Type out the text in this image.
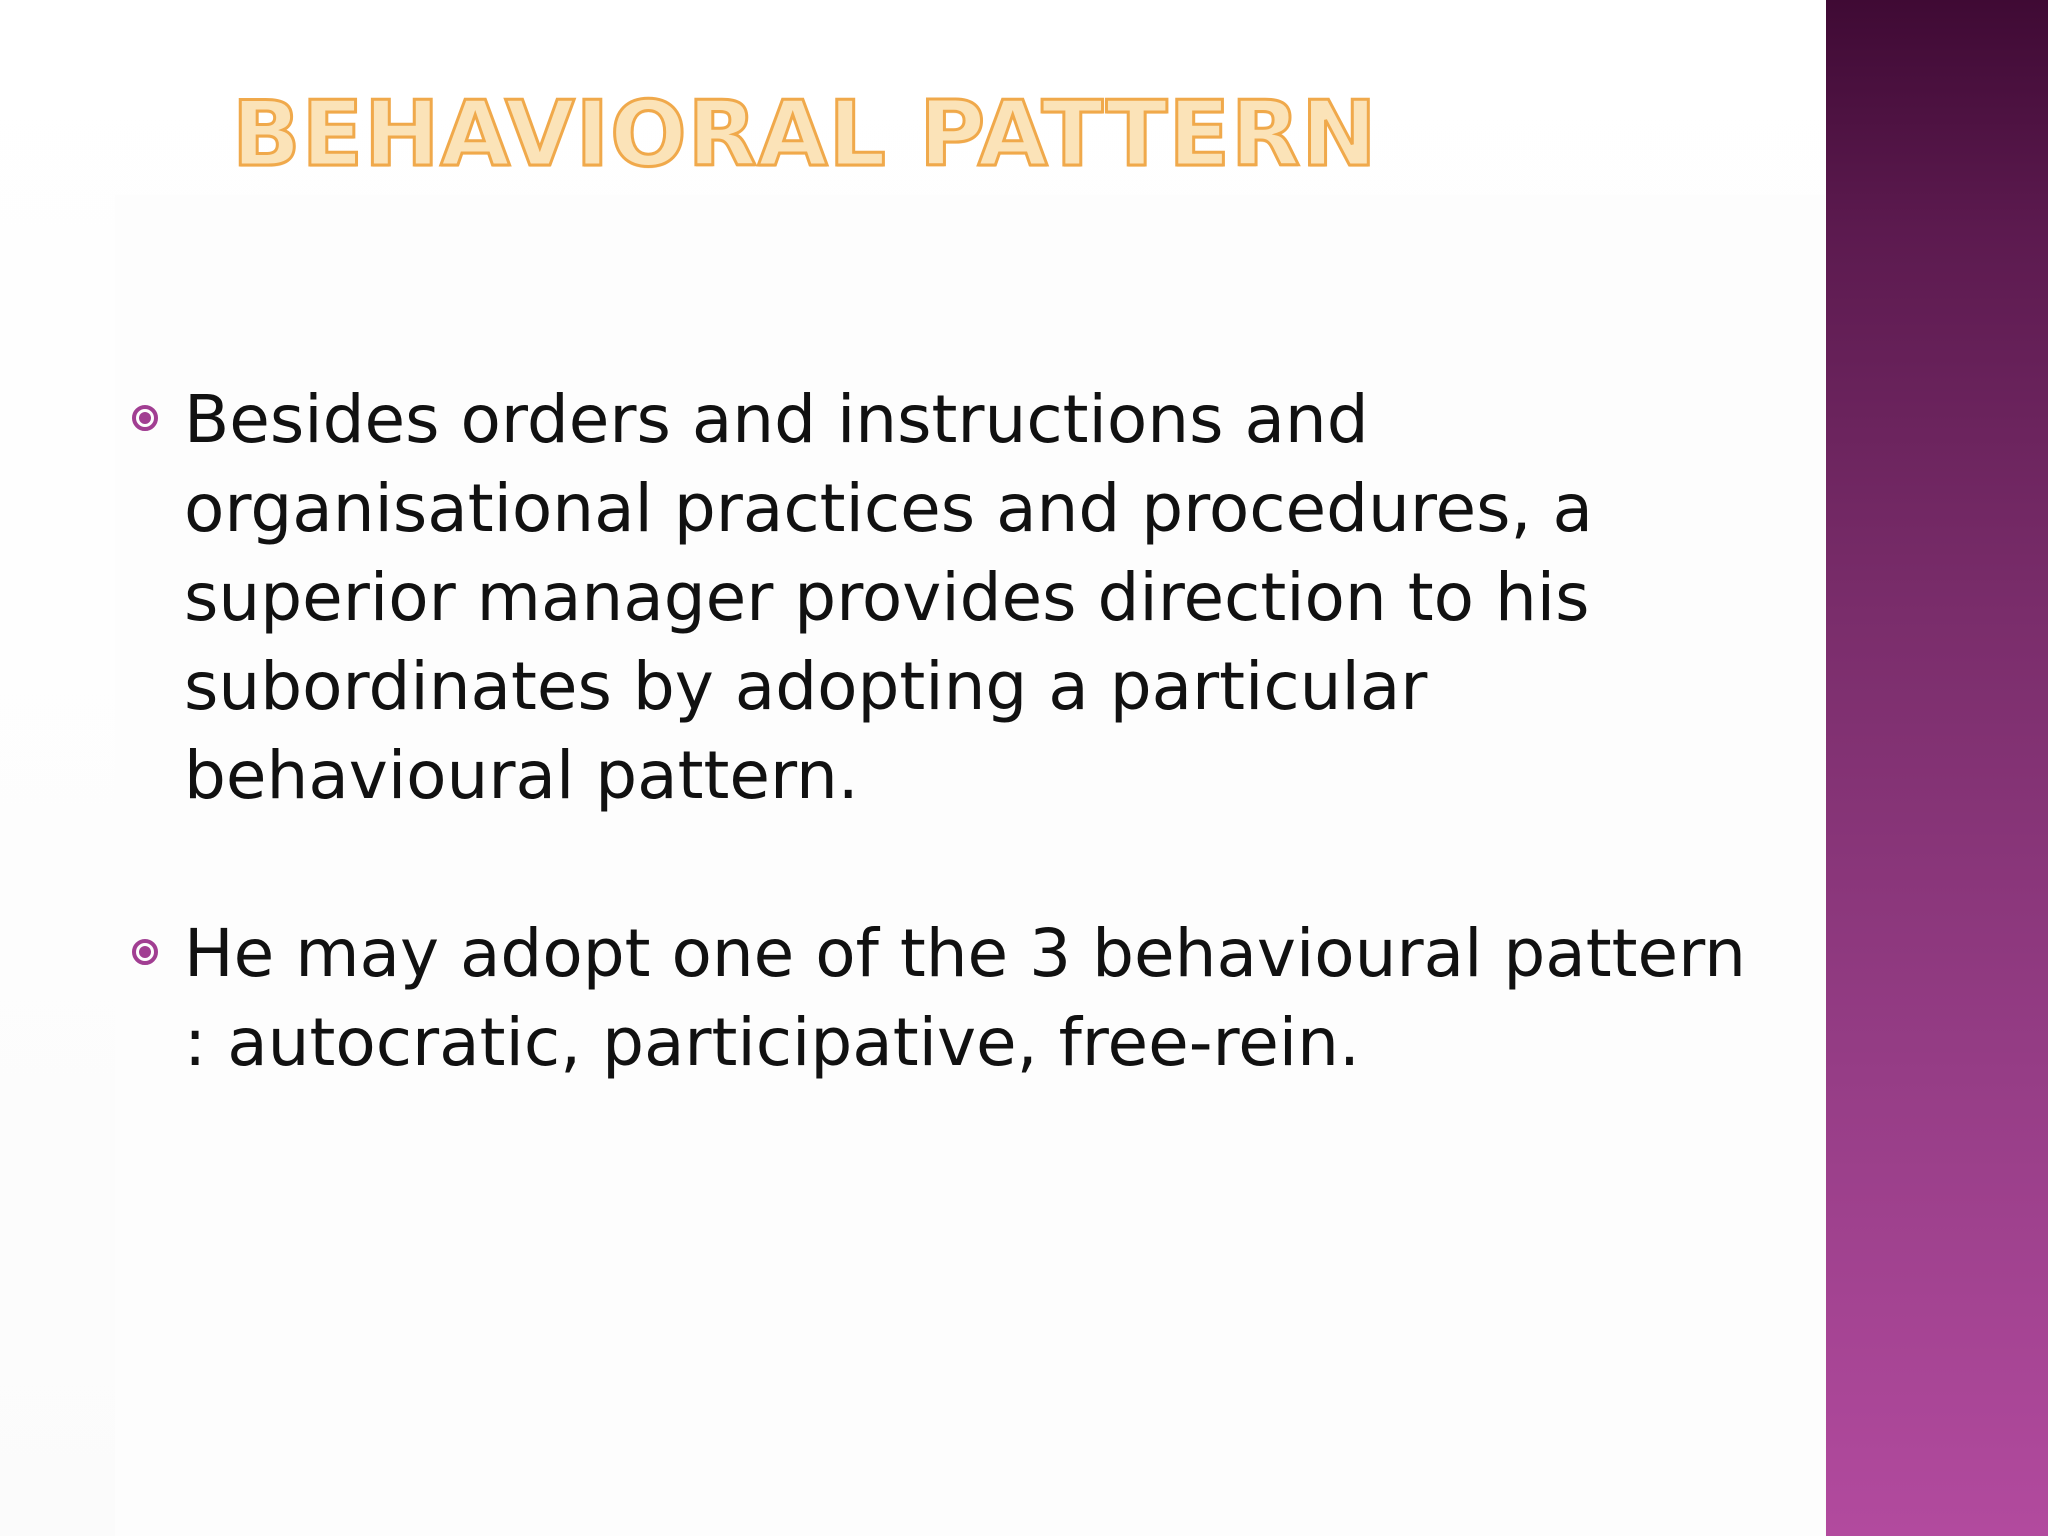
BEHAVIORAL PATTERN
Besides orders and instructions and organisational practices and procedures, a superior manager provides direction to his subordinates by adopting a particular behavioural pattern.
He may adopt one of the 3 behavioural pattern : autocratic, participative, free-rein.
